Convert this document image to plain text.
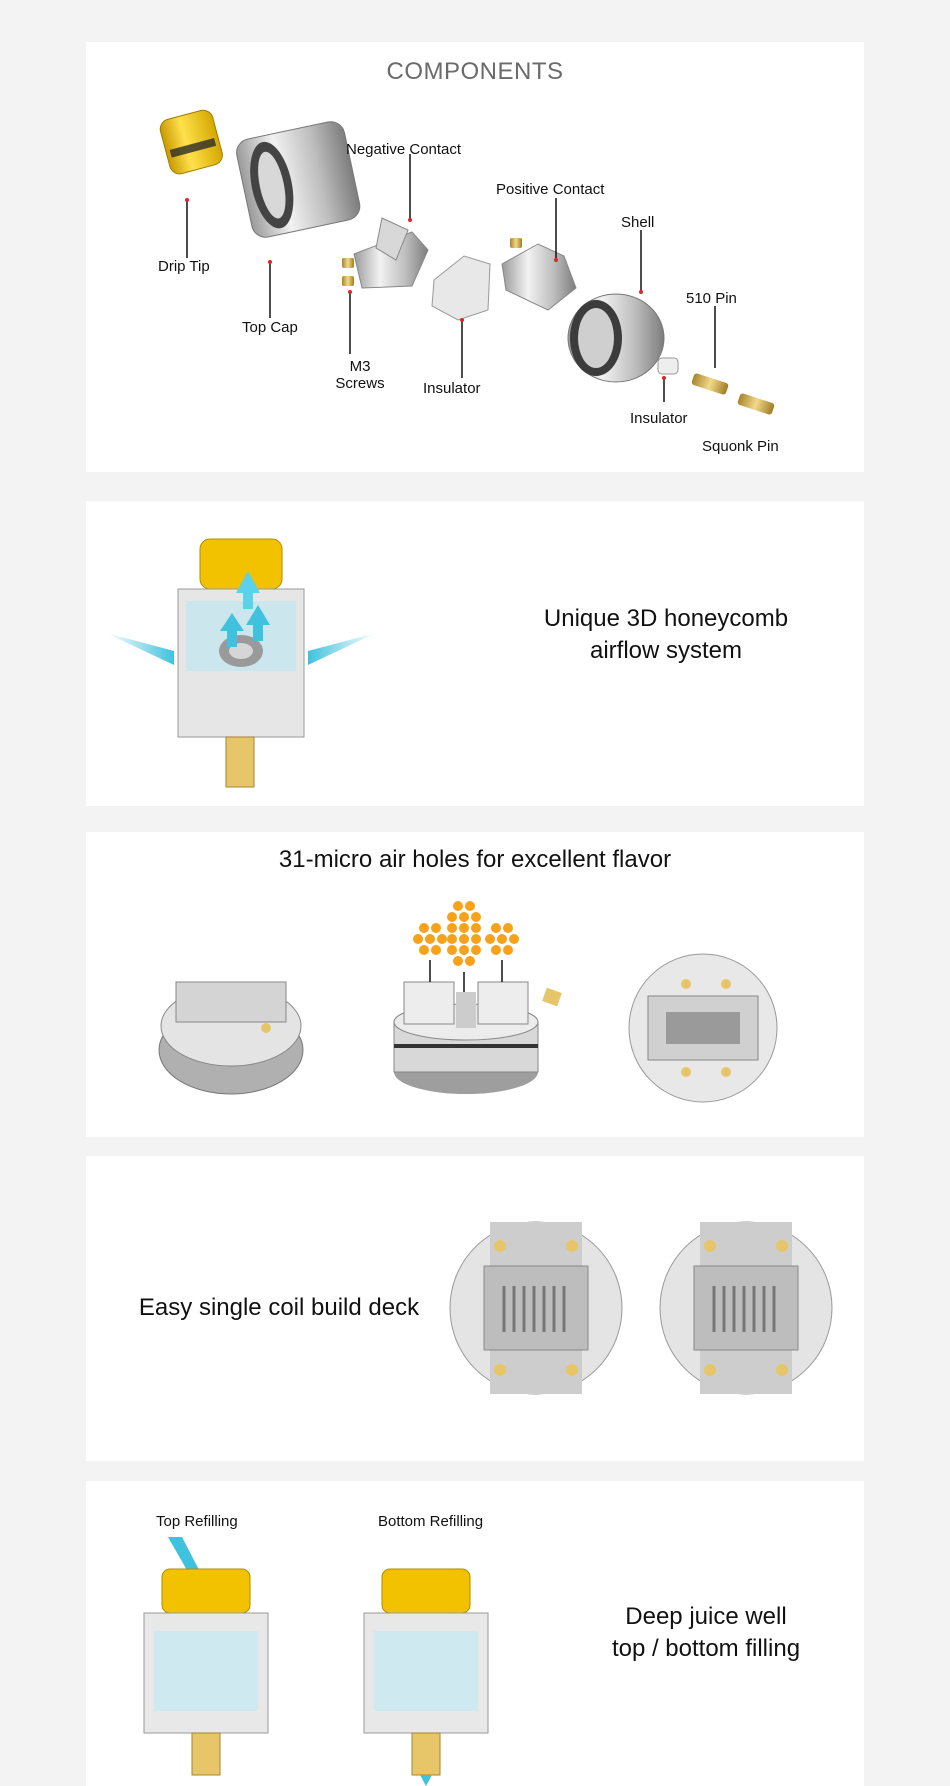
COMPONENTS
Drip Tip
Top Cap
Negative Contact
M3
Screws	Insulator
Positive Contact
Shell
510 Pin
Insulator
Squonk Pin
Unique 3D honeycomb
airflow system
31-micro air holes for excellent flavor
Easy single coil build deck
Top Refilling	Bottom Refilling
Deep juice well
top / bottom filling
